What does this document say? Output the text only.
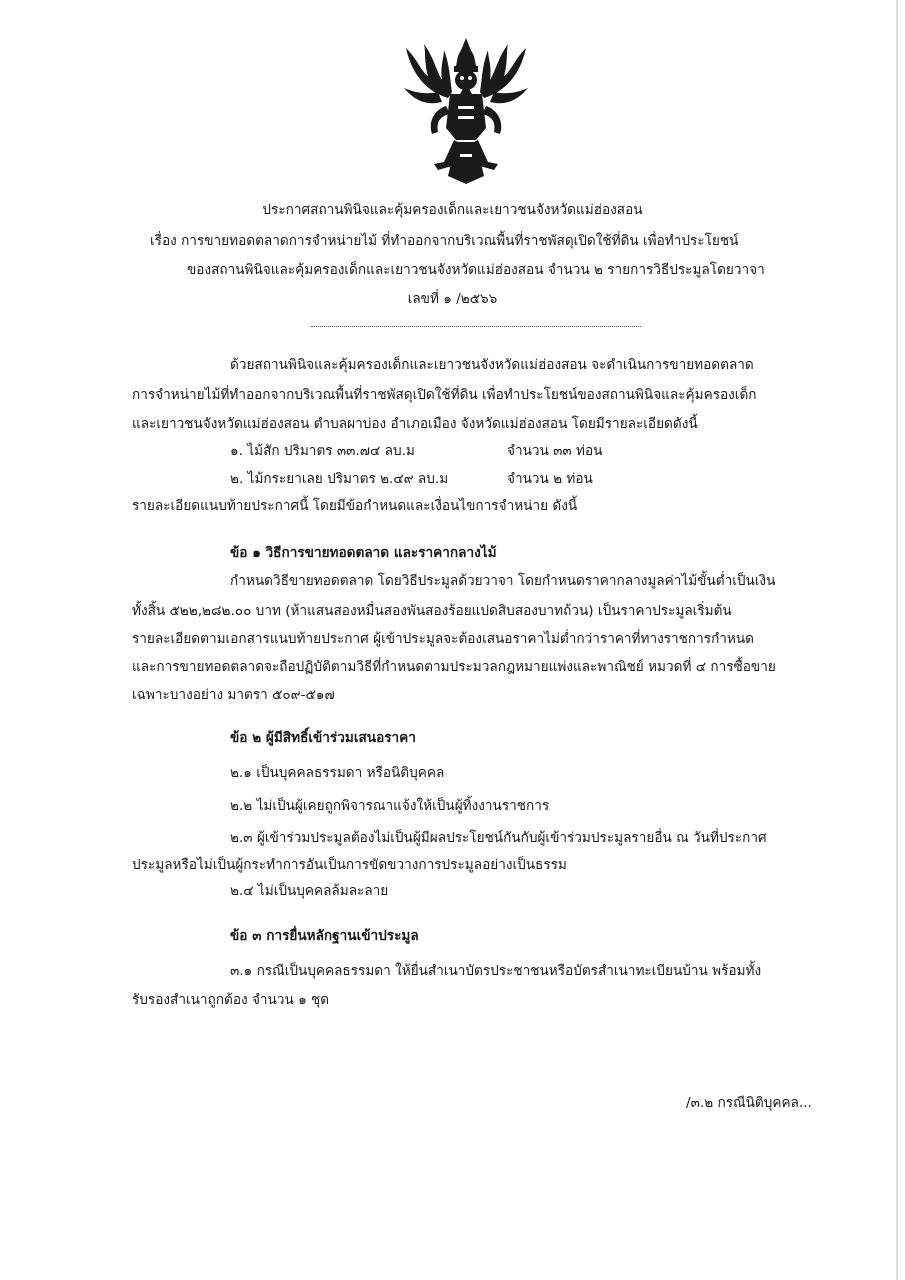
ประกาศสถานพินิจและคุ้มครองเด็กและเยาวชนจังหวัดแม่ฮ่องสอน
เรื่อง การขายทอดตลาดการจำหน่ายไม้ ที่ทำออกจากบริเวณพื้นที่ราชพัสดุเปิดใช้ที่ดิน เพื่อทำประโยชน์
ของสถานพินิจและคุ้มครองเด็กและเยาวชนจังหวัดแม่ฮ่องสอน จำนวน ๒ รายการวิธีประมูลโดยวาจา
เลขที่ ๑ /๒๕๖๖
ด้วยสถานพินิจและคุ้มครองเด็กและเยาวชนจังหวัดแม่ฮ่องสอน จะดำเนินการขายทอดตลาด
การจำหน่ายไม้ที่ทำออกจากบริเวณพื้นที่ราชพัสดุเปิดใช้ที่ดิน เพื่อทำประโยชน์ของสถานพินิจและคุ้มครองเด็ก
และเยาวชนจังหวัดแม่ฮ่องสอน ตำบลผาบ่อง อำเภอเมือง จังหวัดแม่ฮ่องสอน โดยมีรายละเอียดดังนี้
๑. ไม้สัก ปริมาตร ๓๓.๗๔ ลบ.ม	จำนวน ๓๓ ท่อน
๒. ไม้กระยาเลย ปริมาตร ๒.๔๙ ลบ.ม	จำนวน ๒ ท่อน
รายละเอียดแนบท้ายประกาศนี้ โดยมีข้อกำหนดและเงื่อนไขการจำหน่าย ดังนี้
ข้อ ๑ วิธีการขายทอดตลาด และราคากลางไม้
กำหนดวิธีขายทอดตลาด โดยวิธีประมูลด้วยวาจา โดยกำหนดราคากลางมูลค่าไม้ขั้นต่ำเป็นเงิน
ทั้งสิ้น ๕๒๒,๒๘๒.๐๐ บาท (ห้าแสนสองหมื่นสองพันสองร้อยแปดสิบสองบาทถ้วน) เป็นราคาประมูลเริ่มต้น
รายละเอียดตามเอกสารแนบท้ายประกาศ ผู้เข้าประมูลจะต้องเสนอราคาไม่ต่ำกว่าราคาที่ทางราชการกำหนด
และการขายทอดตลาดจะถือปฏิบัติตามวิธีที่กำหนดตามประมวลกฎหมายแพ่งและพาณิชย์ หมวดที่ ๔ การซื้อขาย
เฉพาะบางอย่าง มาตรา ๕๐๙-๕๑๗
ข้อ ๒ ผู้มีสิทธิ์เข้าร่วมเสนอราคา
๒.๑ เป็นบุคคลธรรมดา หรือนิติบุคคล
๒.๒ ไม่เป็นผู้เคยถูกพิจารณาแจ้งให้เป็นผู้ทิ้งงานราชการ
๒.๓ ผู้เข้าร่วมประมูลต้องไม่เป็นผู้มีผลประโยชน์กันกับผู้เข้าร่วมประมูลรายอื่น ณ วันที่ประกาศ
ประมูลหรือไม่เป็นผู้กระทำการอันเป็นการขัดขวางการประมูลอย่างเป็นธรรม
๒.๔ ไม่เป็นบุคคลล้มละลาย
ข้อ ๓ การยื่นหลักฐานเข้าประมูล
๓.๑ กรณีเป็นบุคคลธรรมดา ให้ยื่นสำเนาบัตรประชาชนหรือบัตรสำเนาทะเบียนบ้าน พร้อมทั้ง
รับรองสำเนาถูกต้อง จำนวน ๑ ชุด
/๓.๒ กรณีนิติบุคคล...
